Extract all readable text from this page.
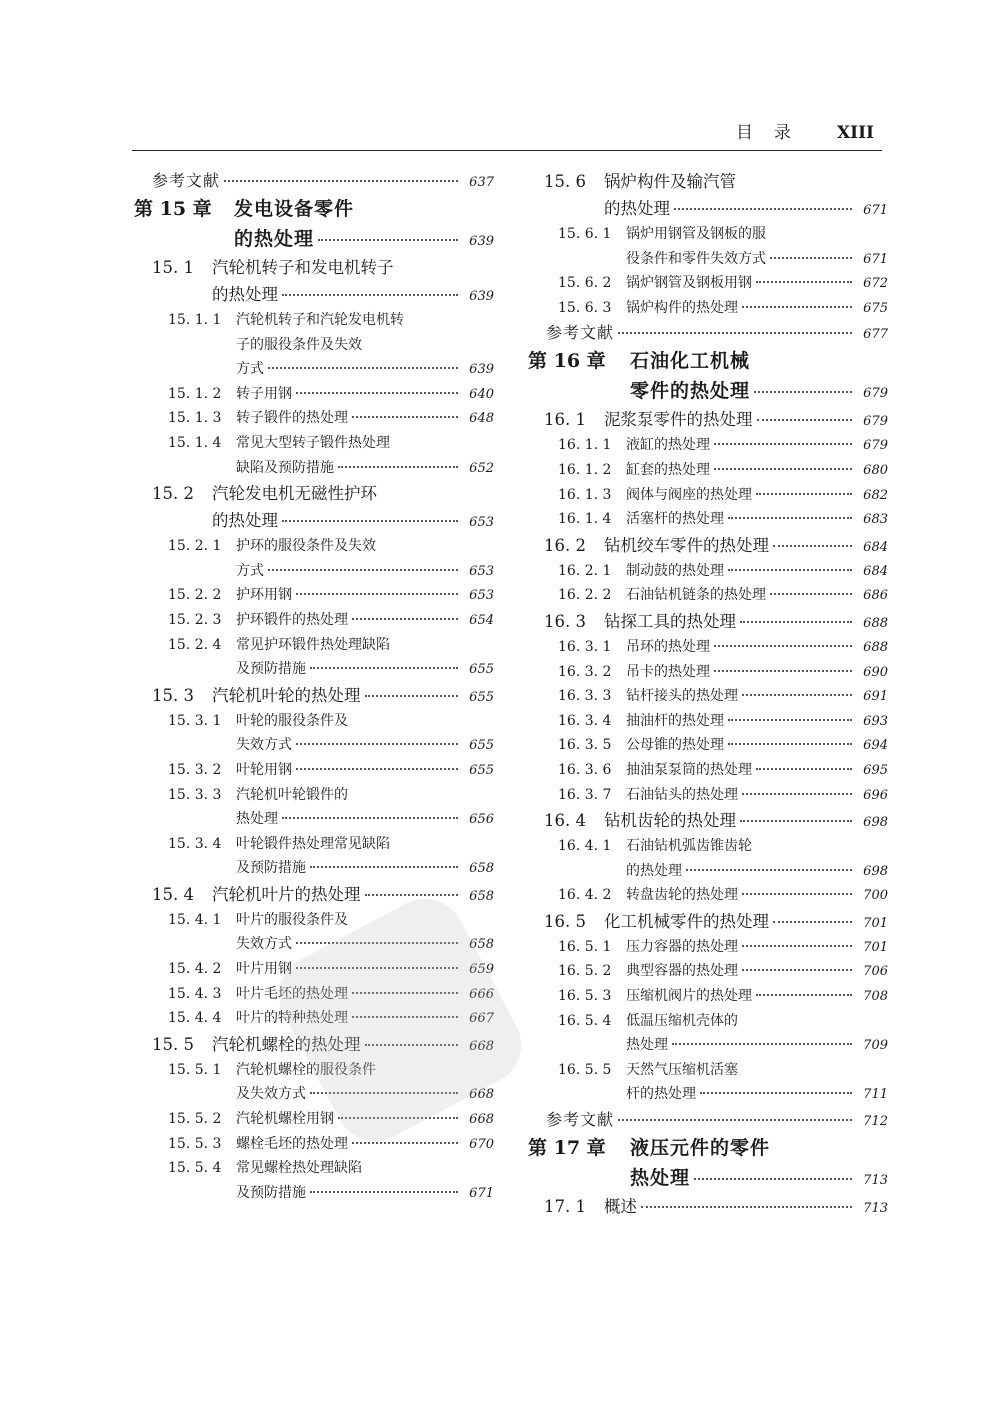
目　录	XIII
参考文献	637
第 15 章	发电设备零件
的热处理	639
15. 1	汽轮机转子和发电机转子
的热处理	639
15. 1. 1	汽轮机转子和汽轮发电机转
子的服役条件及失效
方式	639
15. 1. 2	转子用钢	640
15. 1. 3	转子锻件的热处理	648
15. 1. 4	常见大型转子锻件热处理
缺陷及预防措施	652
15. 2	汽轮发电机无磁性护环
的热处理	653
15. 2. 1	护环的服役条件及失效
方式	653
15. 2. 2	护环用钢	653
15. 2. 3	护环锻件的热处理	654
15. 2. 4	常见护环锻件热处理缺陷
及预防措施	655
15. 3	汽轮机叶轮的热处理	655
15. 3. 1	叶轮的服役条件及
失效方式	655
15. 3. 2	叶轮用钢	655
15. 3. 3	汽轮机叶轮锻件的
热处理	656
15. 3. 4	叶轮锻件热处理常见缺陷
及预防措施	658
15. 4	汽轮机叶片的热处理	658
15. 4. 1	叶片的服役条件及
失效方式	658
15. 4. 2	叶片用钢	659
15. 4. 3	叶片毛坯的热处理	666
15. 4. 4	叶片的特种热处理	667
15. 5	汽轮机螺栓的热处理	668
15. 5. 1	汽轮机螺栓的服役条件
及失效方式	668
15. 5. 2	汽轮机螺栓用钢	668
15. 5. 3	螺栓毛坯的热处理	670
15. 5. 4	常见螺栓热处理缺陷
及预防措施	671
15. 6	锅炉构件及输汽管
的热处理	671
15. 6. 1	锅炉用钢管及钢板的服
役条件和零件失效方式	671
15. 6. 2	锅炉钢管及钢板用钢	672
15. 6. 3	锅炉构件的热处理	675
参考文献	677
第 16 章	石油化工机械
零件的热处理	679
16. 1	泥浆泵零件的热处理	679
16. 1. 1	液缸的热处理	679
16. 1. 2	缸套的热处理	680
16. 1. 3	阀体与阀座的热处理	682
16. 1. 4	活塞杆的热处理	683
16. 2	钻机绞车零件的热处理	684
16. 2. 1	制动鼓的热处理	684
16. 2. 2	石油钻机链条的热处理	686
16. 3	钻探工具的热处理	688
16. 3. 1	吊环的热处理	688
16. 3. 2	吊卡的热处理	690
16. 3. 3	钻杆接头的热处理	691
16. 3. 4	抽油杆的热处理	693
16. 3. 5	公母锥的热处理	694
16. 3. 6	抽油泵泵筒的热处理	695
16. 3. 7	石油钻头的热处理	696
16. 4	钻机齿轮的热处理	698
16. 4. 1	石油钻机弧齿锥齿轮
的热处理	698
16. 4. 2	转盘齿轮的热处理	700
16. 5	化工机械零件的热处理	701
16. 5. 1	压力容器的热处理	701
16. 5. 2	典型容器的热处理	706
16. 5. 3	压缩机阀片的热处理	708
16. 5. 4	低温压缩机壳体的
热处理	709
16. 5. 5	天然气压缩机活塞
杆的热处理	711
参考文献	712
第 17 章	液压元件的零件
热处理	713
17. 1	概述	713
